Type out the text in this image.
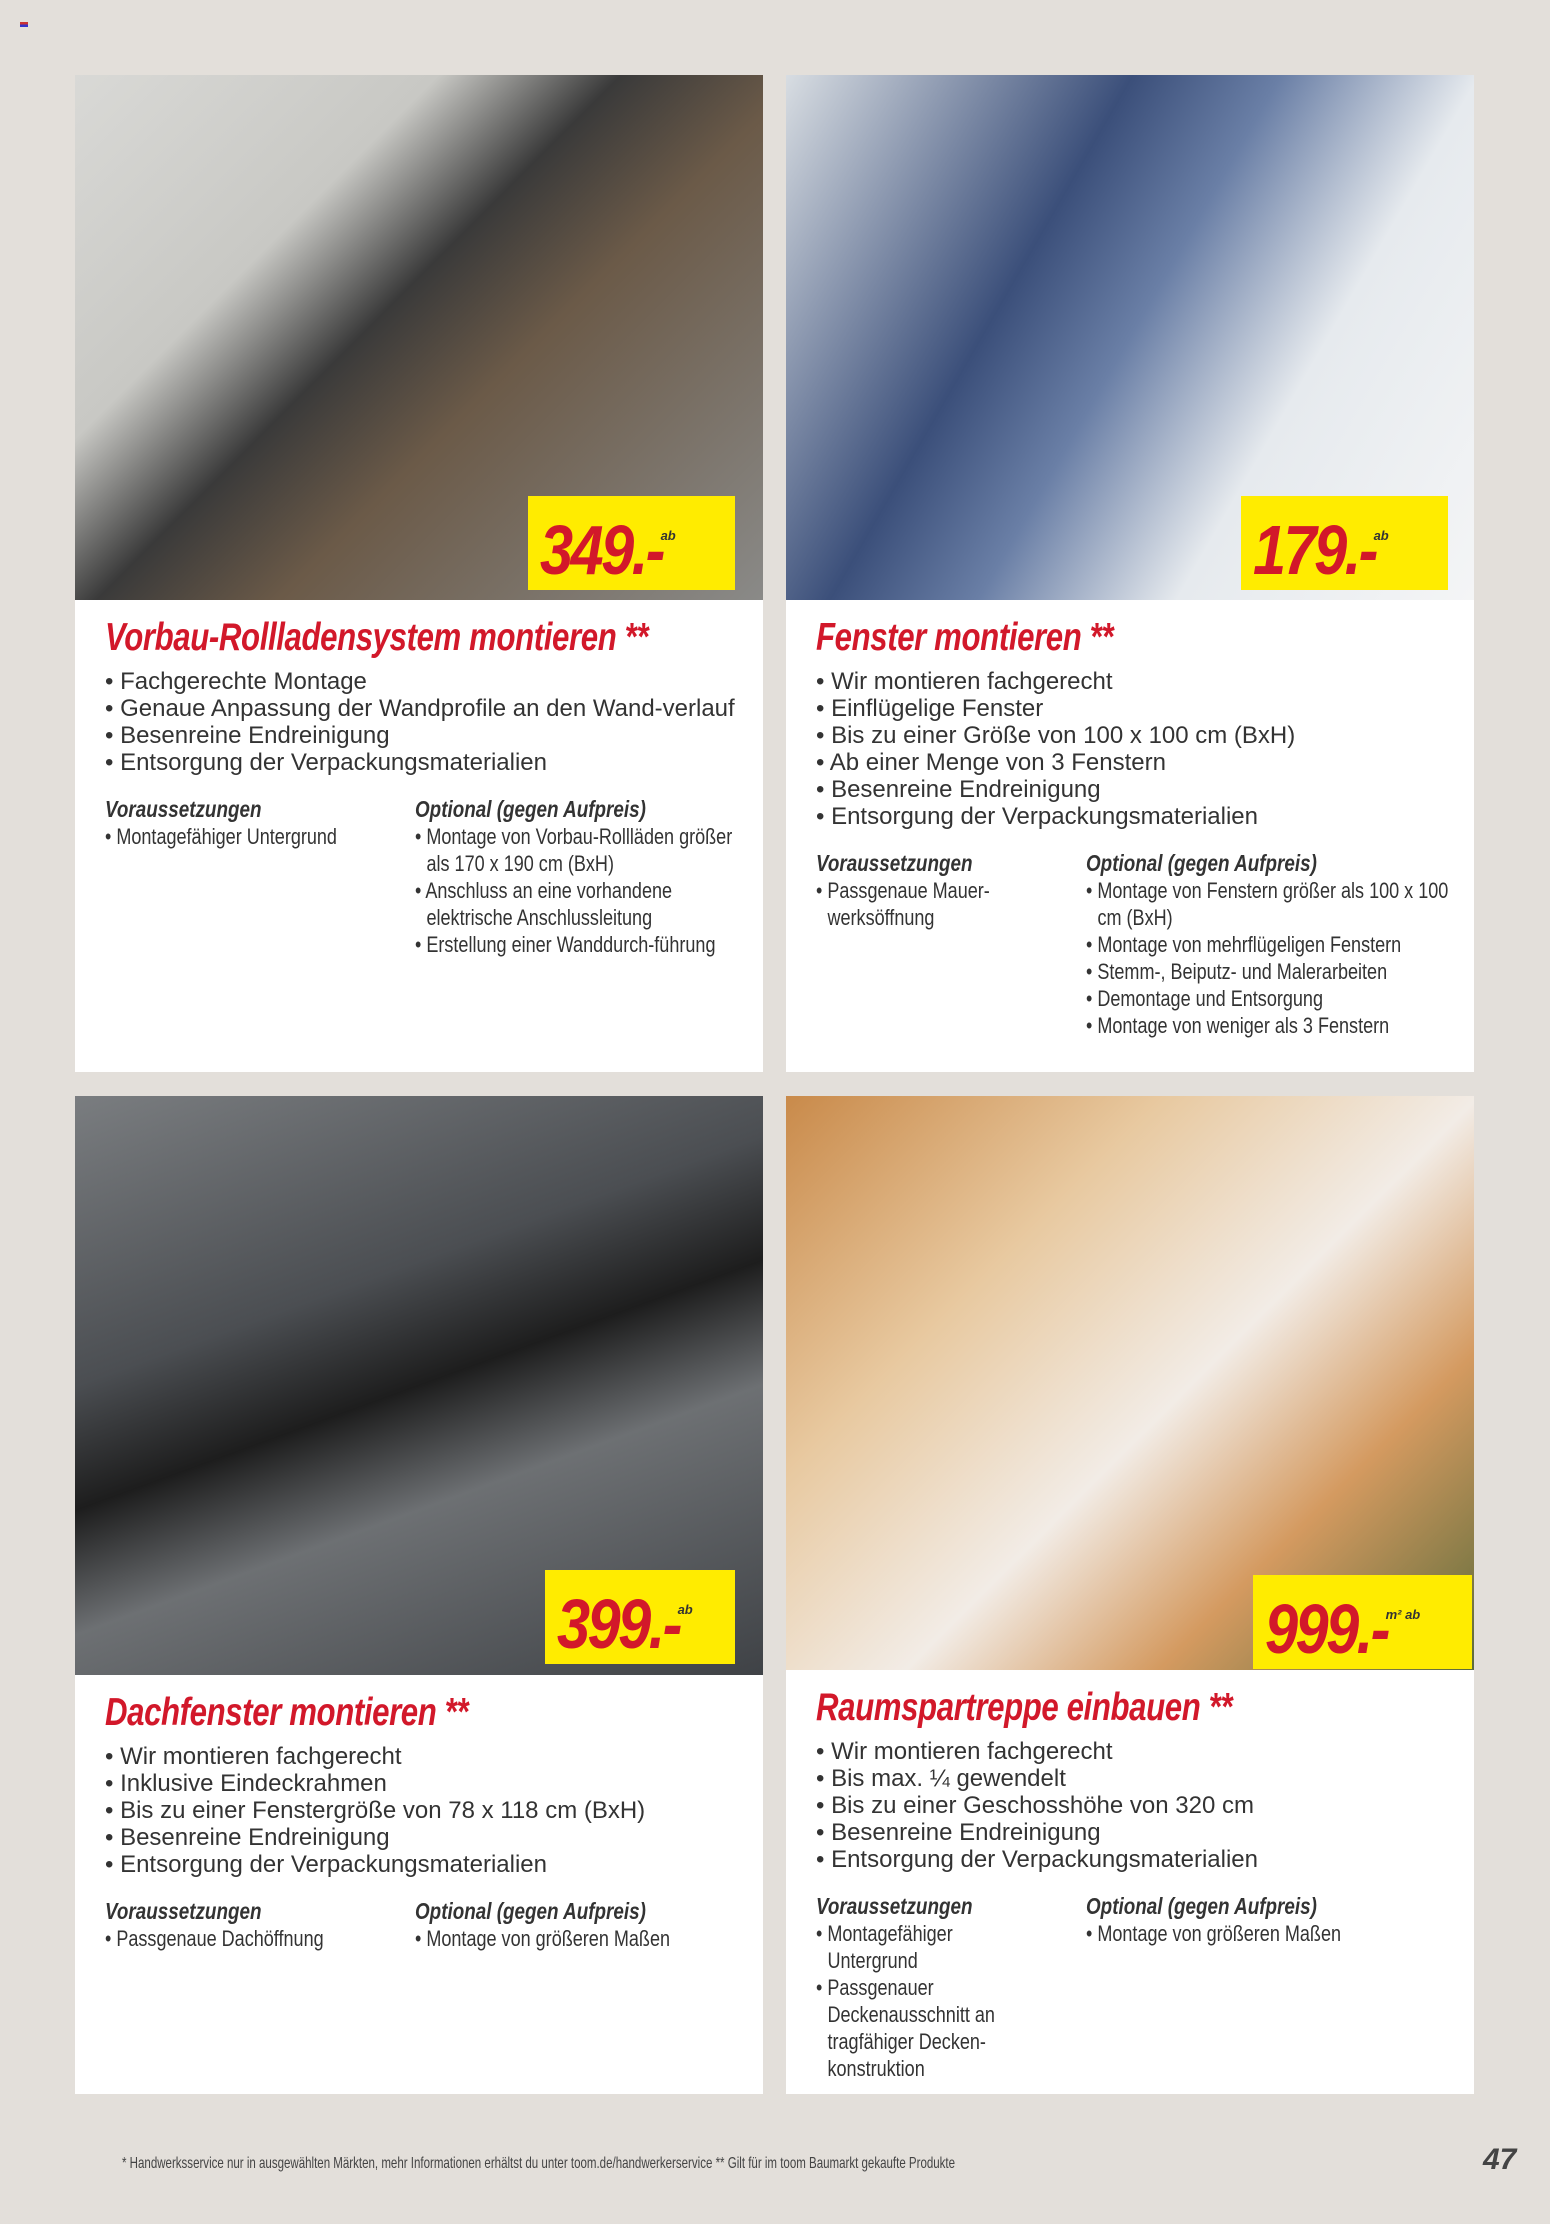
349.-
ab
Vorbau-Rollladensystem montieren **
• Fachgerechte Montage
• Genaue Anpassung der Wandprofile an den Wand-verlauf
• Besenreine Endreinigung
• Entsorgung der Verpackungsmaterialien
Voraussetzungen
• Montagefähiger Untergrund
Optional (gegen Aufpreis)
• Montage von Vorbau-Rollläden größer als 170 x 190 cm (BxH)
• Anschluss an eine vorhandene elektrische Anschlussleitung
• Erstellung einer Wanddurch-führung
179.-
ab
Fenster montieren **
• Wir montieren fachgerecht
• Einflügelige Fenster
• Bis zu einer Größe von 100 x 100 cm (BxH)
• Ab einer Menge von 3 Fenstern
• Besenreine Endreinigung
• Entsorgung der Verpackungsmaterialien
Voraussetzungen
• Passgenaue Mauer-werksöffnung
Optional (gegen Aufpreis)
• Montage von Fenstern größer als 100 x 100 cm (BxH)
• Montage von mehrflügeligen Fenstern
• Stemm-, Beiputz- und Malerarbeiten
• Demontage und Entsorgung
• Montage von weniger als 3 Fenstern
399.-
ab
Dachfenster montieren **
• Wir montieren fachgerecht
• Inklusive Eindeckrahmen
• Bis zu einer Fenstergröße von 78 x 118 cm (BxH)
• Besenreine Endreinigung
• Entsorgung der Verpackungsmaterialien
Voraussetzungen
• Passgenaue Dachöffnung
Optional (gegen Aufpreis)
• Montage von größeren Maßen
999.-
m² ab
Raumspartreppe einbauen **
• Wir montieren fachgerecht
• Bis max. ¼ gewendelt
• Bis zu einer Geschosshöhe von 320 cm
• Besenreine Endreinigung
• Entsorgung der Verpackungsmaterialien
Voraussetzungen
• Montagefähiger Untergrund
• Passgenauer Deckenausschnitt an tragfähiger Decken-konstruktion
Optional (gegen Aufpreis)
• Montage von größeren Maßen
* Handwerksservice nur in ausgewählten Märkten, mehr Informationen erhältst du unter toom.de/handwerkerservice ** Gilt für im toom Baumarkt gekaufte Produkte	47
